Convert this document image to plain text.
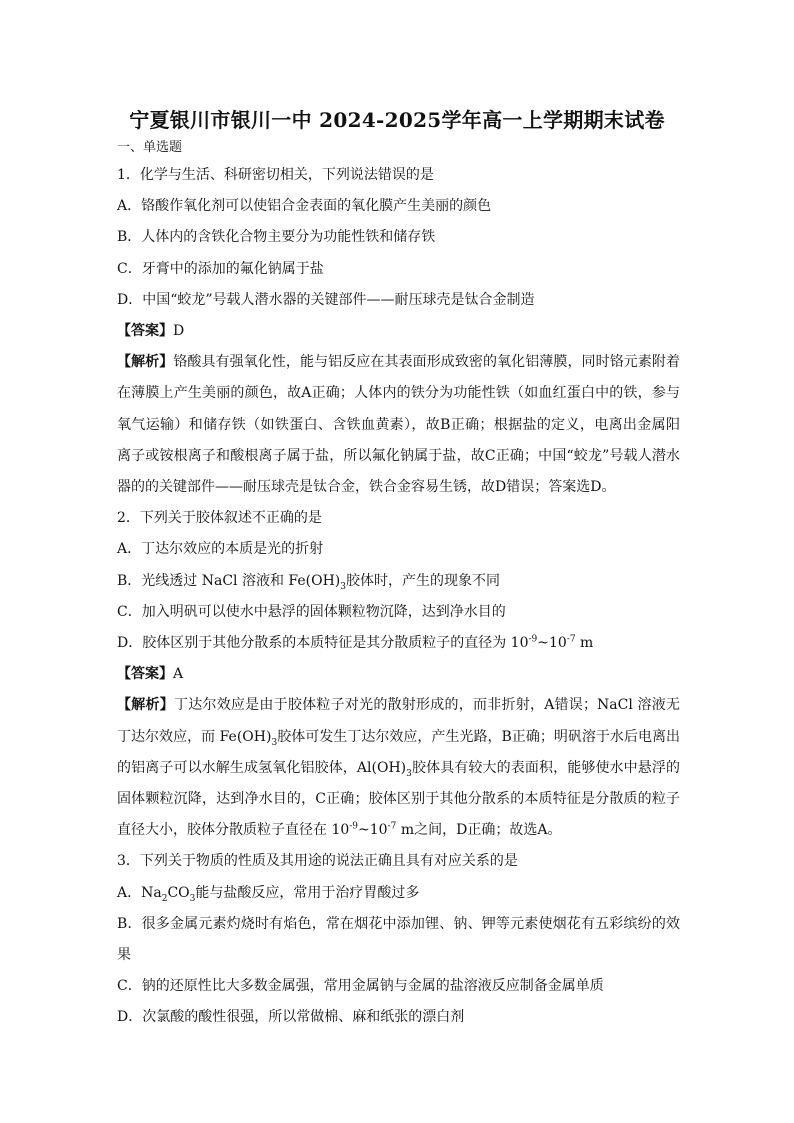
宁夏银川市银川一中 2024-2025学年高一上学期期末试卷
一、单选题
1．化学与生活、科研密切相关，下列说法错误的是
A．铬酸作氧化剂可以使铝合金表面的氧化膜产生美丽的颜色
B．人体内的含铁化合物主要分为功能性铁和储存铁
C．牙膏中的添加的氟化钠属于盐
D．中国“蛟龙”号载人潜水器的关键部件——耐压球壳是钛合金制造
【答案】D
【解析】铬酸具有强氧化性，能与铝反应在其表面形成致密的氧化铝薄膜，同时铬元素附着在薄膜上产生美丽的颜色，故A正确；人体内的铁分为功能性铁（如血红蛋白中的铁，参与氧气运输）和储存铁（如铁蛋白、含铁血黄素），故B正确；根据盐的定义，电离出金属阳离子或铵根离子和酸根离子属于盐，所以氟化钠属于盐，故C正确；中国“蛟龙”号载人潜水器的的关键部件——耐压球壳是钛合金，铁合金容易生锈，故D错误；答案选D。
2．下列关于胶体叙述不正确的是
A．丁达尔效应的本质是光的折射
B．光线透过 NaCl 溶液和 $Fe(OH)_3$胶体时，产生的现象不同
C．加入明矾可以使水中悬浮的固体颗粒物沉降，达到净水目的
D．胶体区别于其他分散系的本质特征是其分散质粒子的直径为 $10^{-9}\sim 10^{-7}$ m
【答案】A
【解析】丁达尔效应是由于胶体粒子对光的散射形成的，而非折射，A错误；NaCl 溶液无丁达尔效应，而 $Fe(OH)_3$胶体可发生丁达尔效应，产生光路，B正确；明矾溶于水后电离出的铝离子可以水解生成氢氧化铝胶体，$Al(OH)_3$胶体具有较大的表面积，能够使水中悬浮的固体颗粒沉降，达到净水目的，C正确；胶体区别于其他分散系的本质特征是分散质的粒子直径大小，胶体分散质粒子直径在 $10^{-9}\sim 10^{-7}$ m之间，D正确；故选A。
3．下列关于物质的性质及其用途的说法正确且具有对应关系的是
A．$Na_2CO_3$能与盐酸反应，常用于治疗胃酸过多
B．很多金属元素灼烧时有焰色，常在烟花中添加锂、钠、钾等元素使烟花有五彩缤纷的效果
C．钠的还原性比大多数金属强，常用金属钠与金属的盐溶液反应制备金属单质
D．次氯酸的酸性很强，所以常做棉、麻和纸张的漂白剂
